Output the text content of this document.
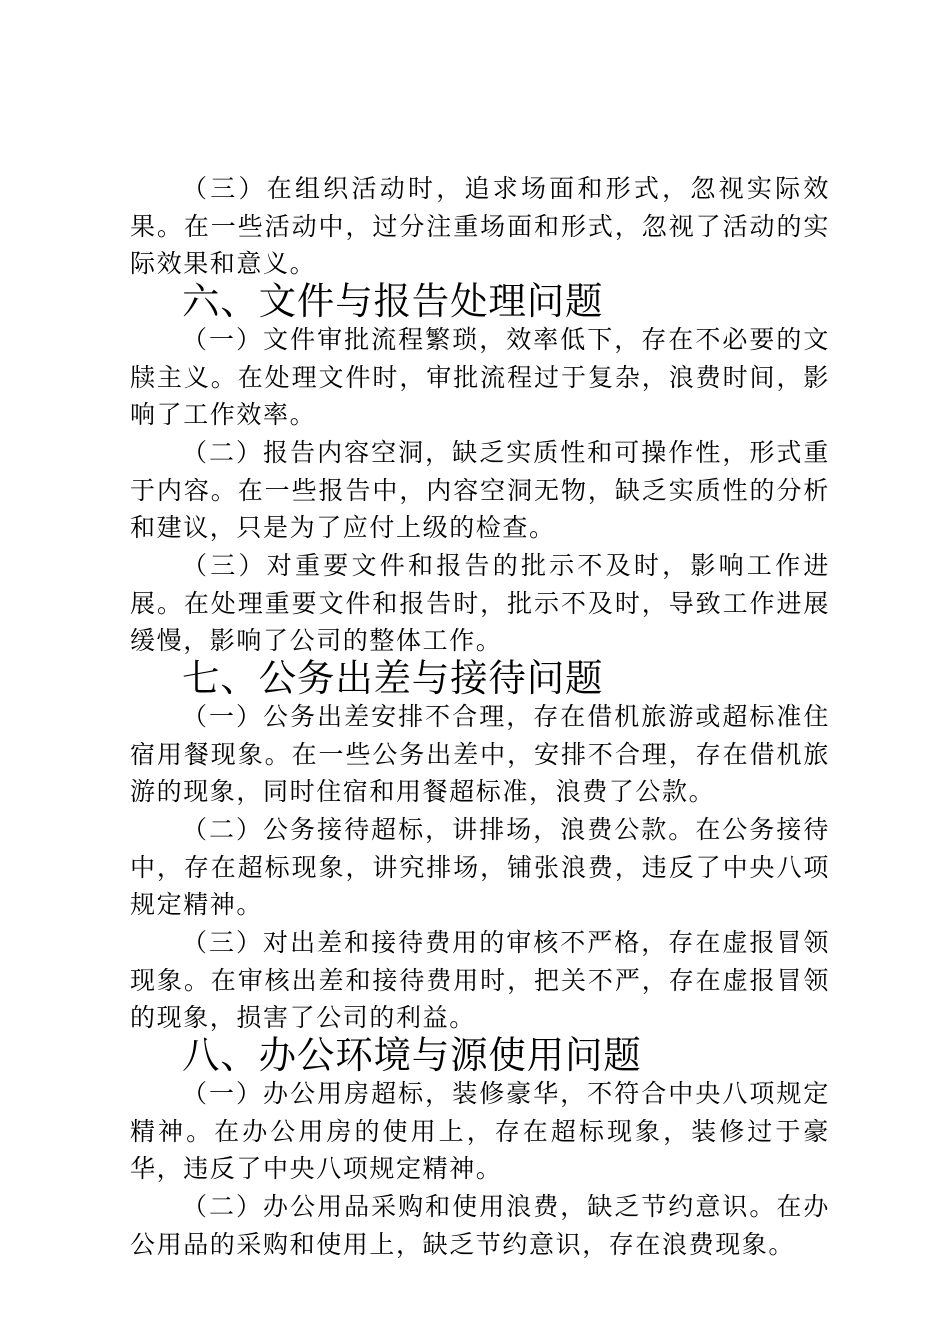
（三）在组织活动时，追求场面和形式，忽视实际效果。在一些活动中，过分注重场面和形式，忽视了活动的实际效果和意义。

六、文件与报告处理问题

（一）文件审批流程繁琐，效率低下，存在不必要的文牍主义。在处理文件时，审批流程过于复杂，浪费时间，影响了工作效率。

（二）报告内容空洞，缺乏实质性和可操作性，形式重于内容。在一些报告中，内容空洞无物，缺乏实质性的分析和建议，只是为了应付上级的检查。

（三）对重要文件和报告的批示不及时，影响工作进展。在处理重要文件和报告时，批示不及时，导致工作进展缓慢，影响了公司的整体工作。

七、公务出差与接待问题

（一）公务出差安排不合理，存在借机旅游或超标准住宿用餐现象。在一些公务出差中，安排不合理，存在借机旅游的现象，同时住宿和用餐超标准，浪费了公款。

（二）公务接待超标，讲排场，浪费公款。在公务接待中，存在超标现象，讲究排场，铺张浪费，违反了中央八项规定精神。

（三）对出差和接待费用的审核不严格，存在虚报冒领现象。在审核出差和接待费用时，把关不严，存在虚报冒领的现象，损害了公司的利益。

八、办公环境与源使用问题

（一）办公用房超标，装修豪华，不符合中央八项规定精神。在办公用房的使用上，存在超标现象，装修过于豪华，违反了中央八项规定精神。

（二）办公用品采购和使用浪费，缺乏节约意识。在办公用品的采购和使用上，缺乏节约意识，存在浪费现象。
